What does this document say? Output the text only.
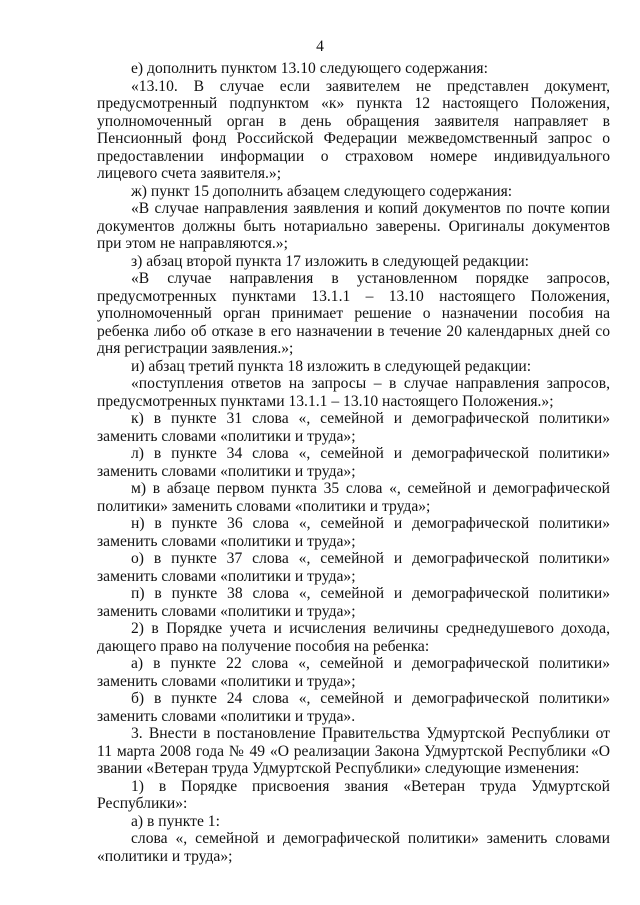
4

е) дополнить пунктом 13.10 следующего содержания:

«13.10. В случае если заявителем не представлен документ, предусмотренный подпунктом «к» пункта 12 настоящего Положения, уполномоченный орган в день обращения заявителя направляет в Пенсионный фонд Российской Федерации межведомственный запрос о предоставлении информации о страховом номере индивидуального лицевого счета заявителя.»;

ж) пункт 15 дополнить абзацем следующего содержания:

«В случае направления заявления и копий документов по почте копии документов должны быть нотариально заверены. Оригиналы документов при этом не направляются.»;

з) абзац второй пункта 17 изложить в следующей редакции:

«В случае направления в установленном порядке запросов, предусмотренных пунктами 13.1.1 – 13.10 настоящего Положения, уполномоченный орган принимает решение о назначении пособия на ребенка либо об отказе в его назначении в течение 20 календарных дней со дня регистрации заявления.»;

и) абзац третий пункта 18 изложить в следующей редакции:

«поступления ответов на запросы – в случае направления запросов, предусмотренных пунктами 13.1.1 – 13.10 настоящего Положения.»;

к) в пункте 31 слова «, семейной и демографической политики» заменить словами «политики и труда»;

л) в пункте 34 слова «, семейной и демографической политики» заменить словами «политики и труда»;

м) в абзаце первом пункта 35 слова «, семейной и демографической политики» заменить словами «политики и труда»;

н) в пункте 36 слова «, семейной и демографической политики» заменить словами «политики и труда»;

о) в пункте 37 слова «, семейной и демографической политики» заменить словами «политики и труда»;

п) в пункте 38 слова «, семейной и демографической политики» заменить словами «политики и труда»;

2) в Порядке учета и исчисления величины среднедушевого дохода, дающего право на получение пособия на ребенка:

а) в пункте 22 слова «, семейной и демографической политики» заменить словами «политики и труда»;

б) в пункте 24 слова «, семейной и демографической политики» заменить словами «политики и труда».

3. Внести в постановление Правительства Удмуртской Республики от 11 марта 2008 года № 49 «О реализации Закона Удмуртской Республики «О звании «Ветеран труда Удмуртской Республики» следующие изменения:

1) в Порядке присвоения звания «Ветеран труда Удмуртской Республики»:

а) в пункте 1:

слова «, семейной и демографической политики» заменить словами «политики и труда»;
